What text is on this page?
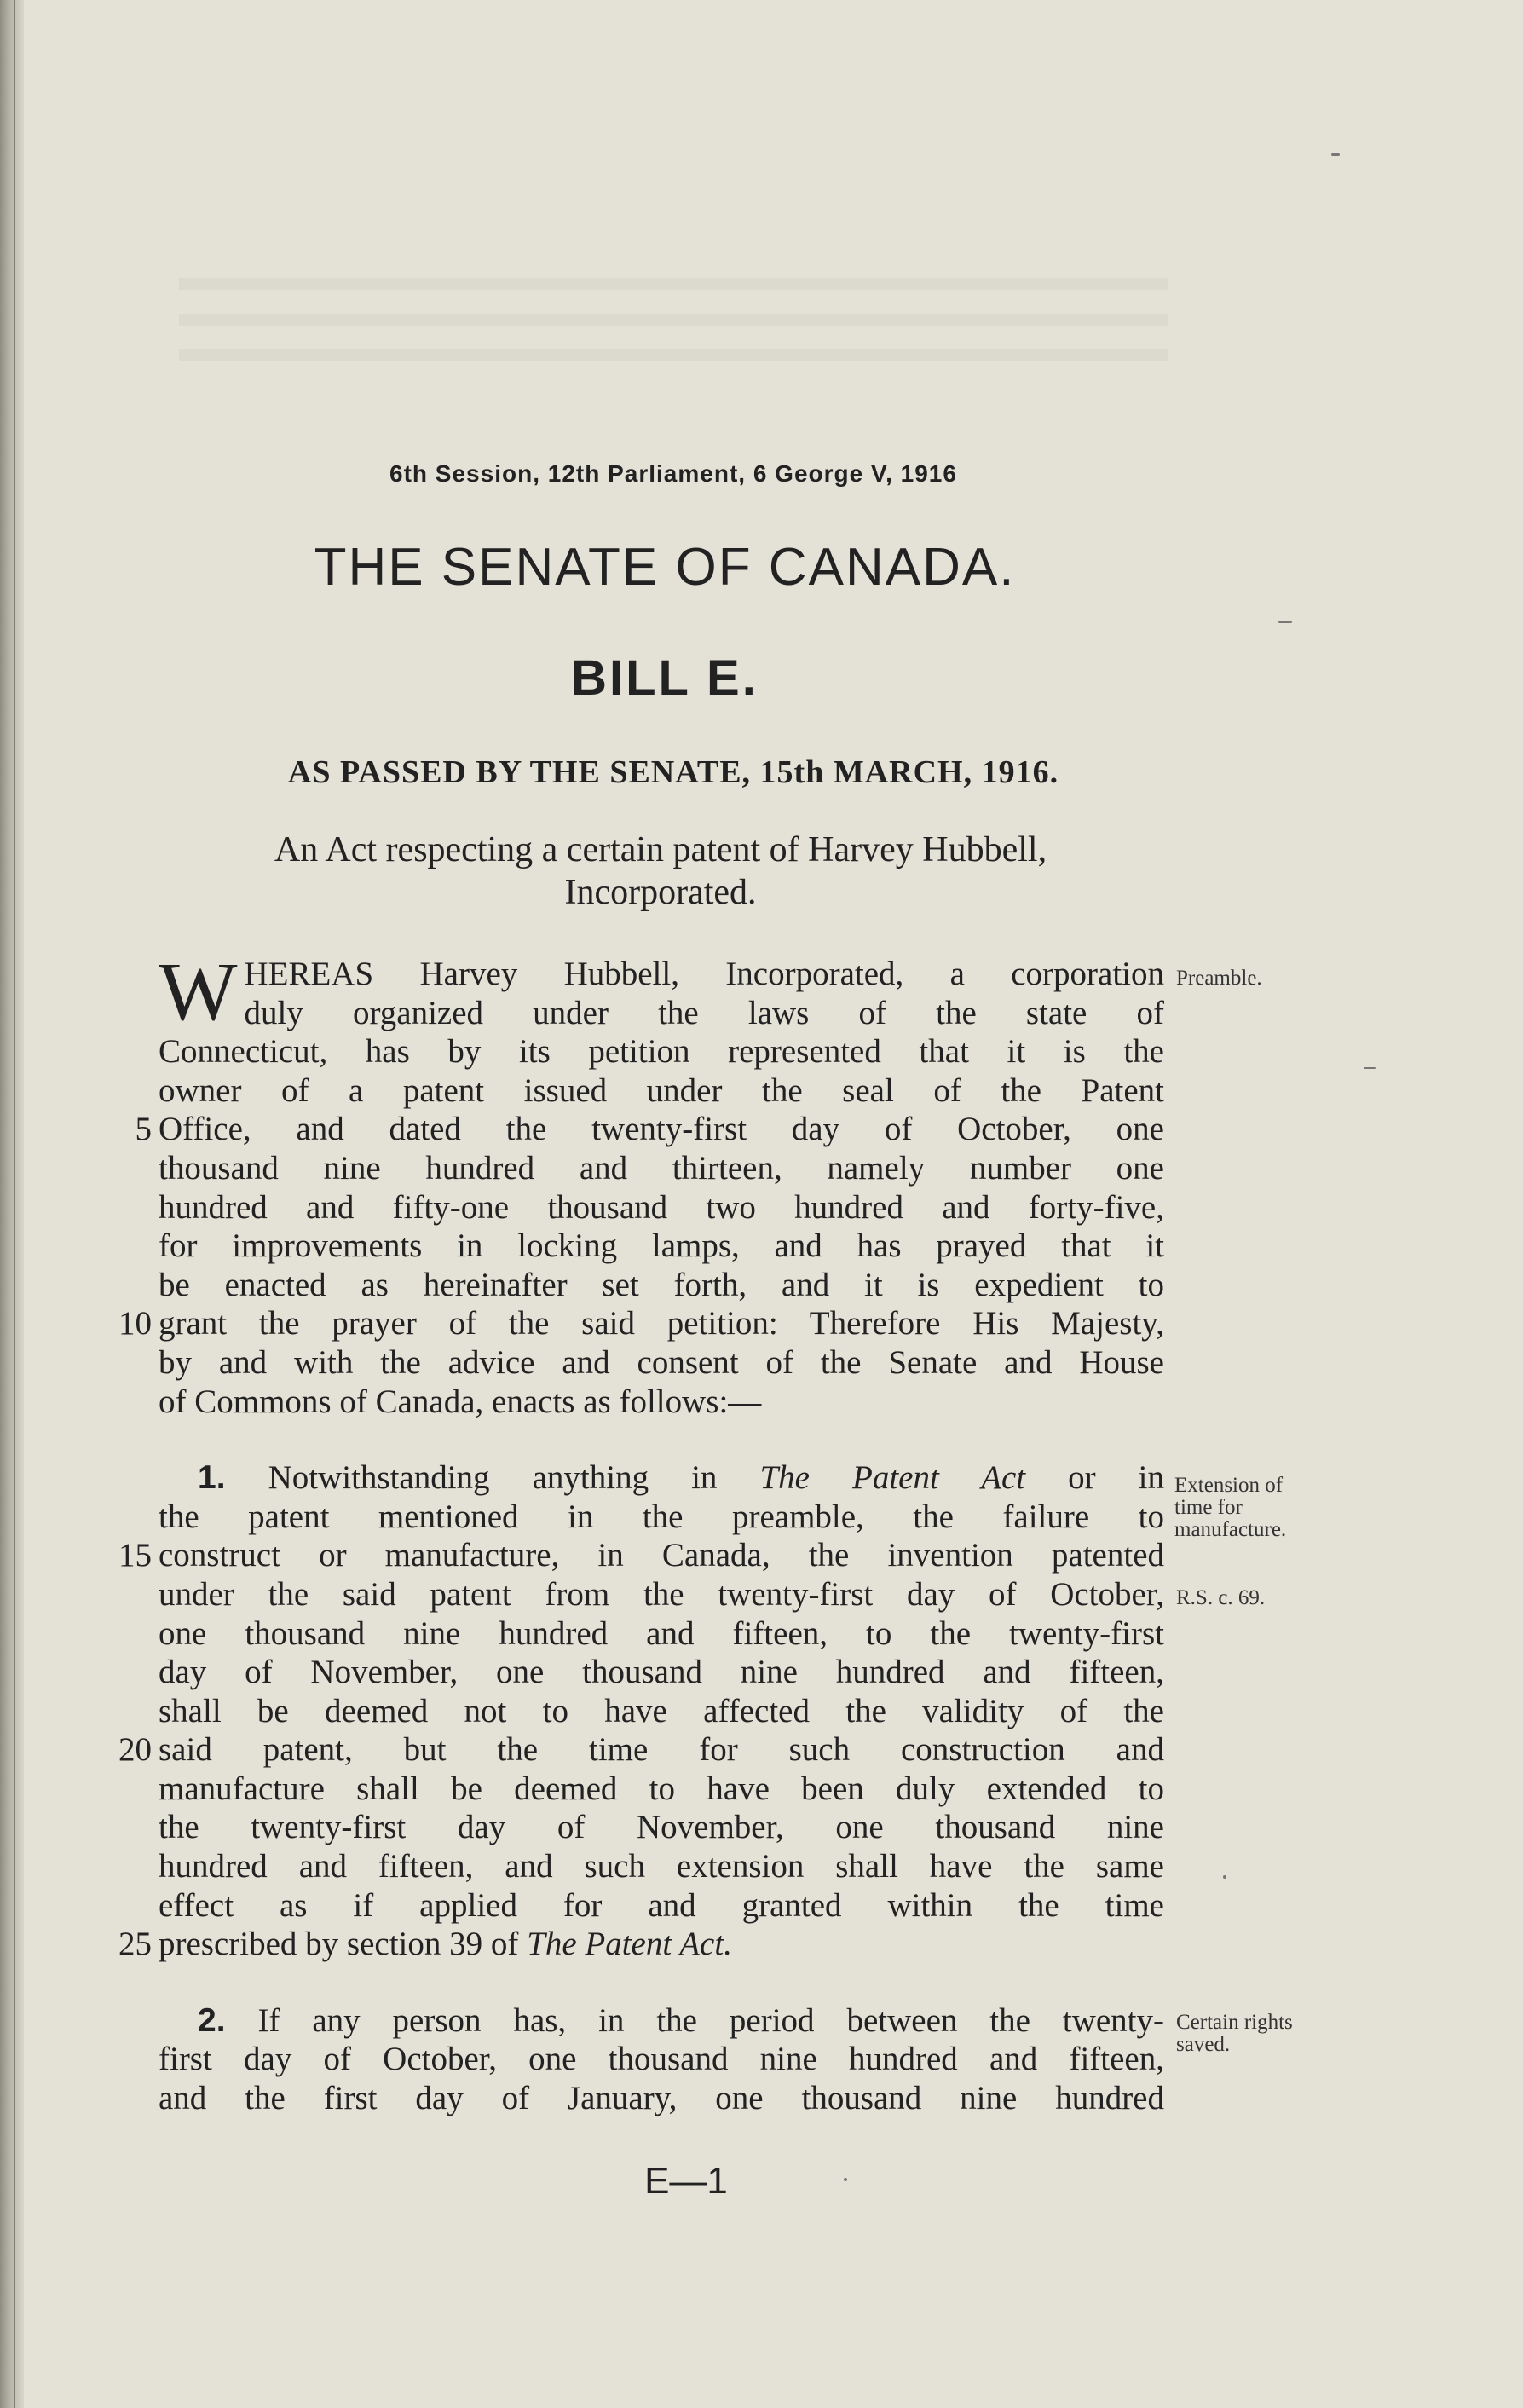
6th Session, 12th Parliament, 6 George V, 1916
THE SENATE OF CANADA.
BILL E.
AS PASSED BY THE SENATE, 15th MARCH, 1916.
An Act respecting a certain patent of Harvey Hubbell,
Incorporated.
W HEREAS Harvey Hubbell, Incorporated, a corporation
duly organized under the laws of the state of
Connecticut, has by its petition represented that it is the
owner of a patent issued under the seal of the Patent
5 Office, and dated the twenty-first day of October, one
thousand nine hundred and thirteen, namely number one
hundred and fifty-one thousand two hundred and forty-five,
for improvements in locking lamps, and has prayed that it
be enacted as hereinafter set forth, and it is expedient to
10 grant the prayer of the said petition: Therefore His Majesty,
by and with the advice and consent of the Senate and House
of Commons of Canada, enacts as follows:—
1. Notwithstanding anything in The Patent Act or in
the patent mentioned in the preamble, the failure to
15 construct or manufacture, in Canada, the invention patented
under the said patent from the twenty-first day of October,
one thousand nine hundred and fifteen, to the twenty-first
day of November, one thousand nine hundred and fifteen,
shall be deemed not to have affected the validity of the
20 said patent, but the time for such construction and
manufacture shall be deemed to have been duly extended to
the twenty-first day of November, one thousand nine
hundred and fifteen, and such extension shall have the same
effect as if applied for and granted within the time
25 prescribed by section 39 of The Patent Act.
2. If any person has, in the period between the twenty-
first day of October, one thousand nine hundred and fifteen,
and the first day of January, one thousand nine hundred
Preamble.
Extension of
time for
manufacture.
R.S. c. 69.
Certain rights
saved.
E—1
